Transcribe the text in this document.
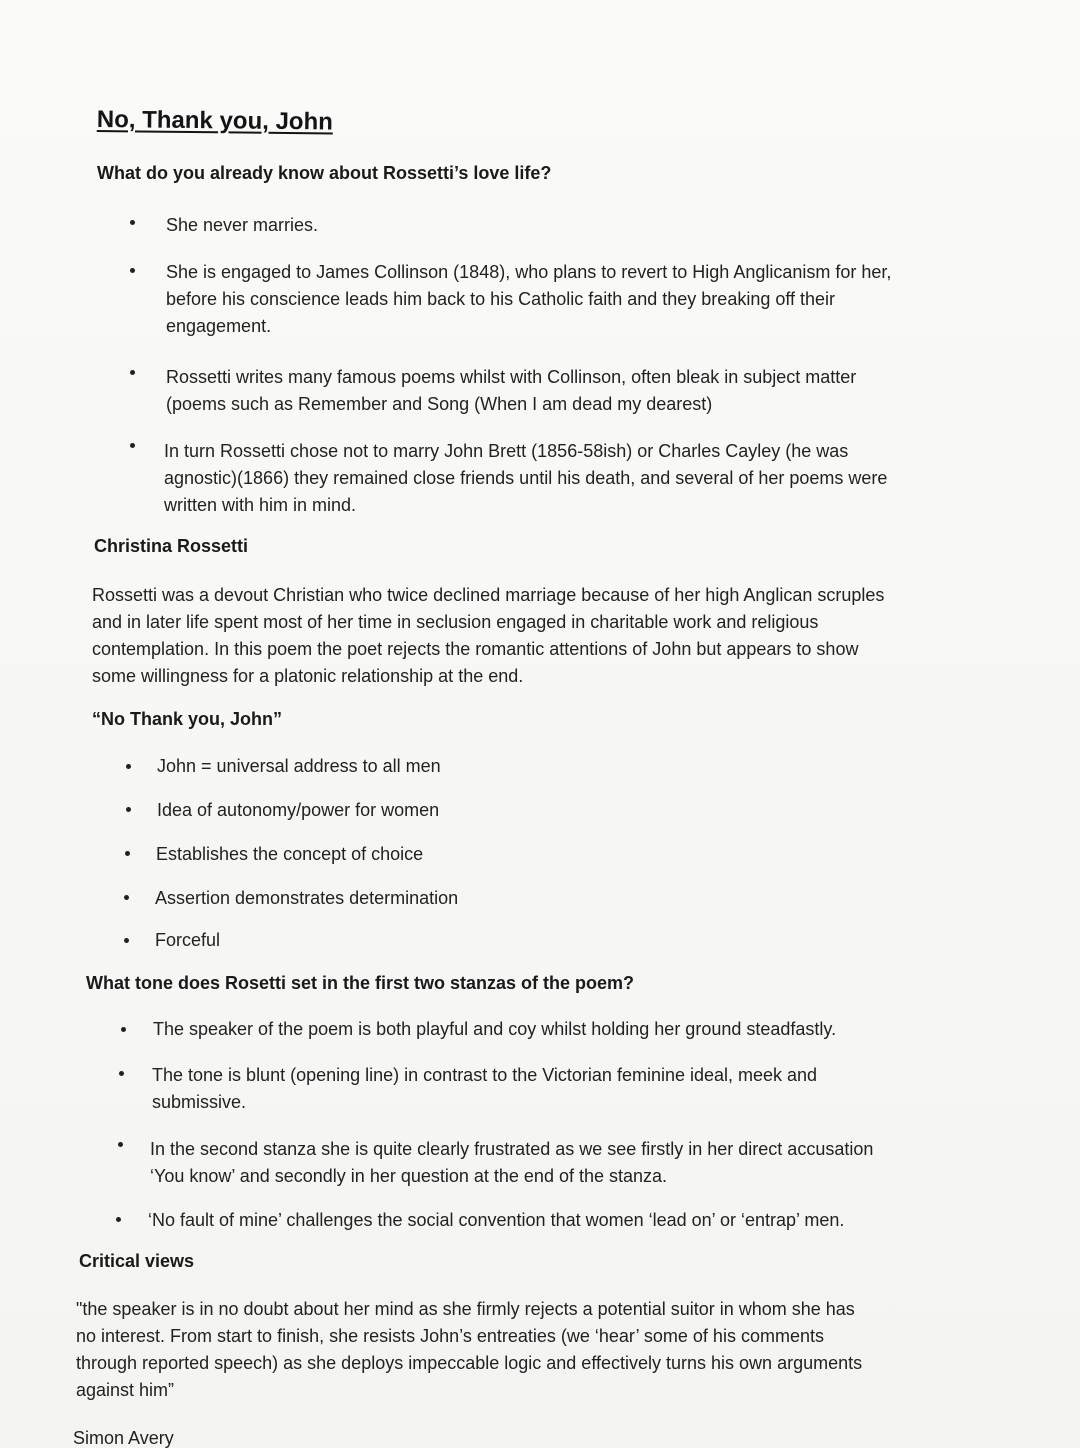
No, Thank you, John
What do you already know about Rossetti’s love life?
She never marries.
She is engaged to James Collinson (1848), who plans to revert to High Anglicanism for her,
before his conscience leads him back to his Catholic faith and they breaking off their
engagement.
Rossetti writes many famous poems whilst with Collinson, often bleak in subject matter
(poems such as Remember and Song (When I am dead my dearest)
In turn Rossetti chose not to marry John Brett (1856-58ish) or Charles Cayley (he was
agnostic)(1866) they remained close friends until his death, and several of her poems were
written with him in mind.
Christina Rossetti
Rossetti was a devout Christian who twice declined marriage because of her high Anglican scruples
and in later life spent most of her time in seclusion engaged in charitable work and religious
contemplation. In this poem the poet rejects the romantic attentions of John but appears to show
some willingness for a platonic relationship at the end.
“No Thank you, John”
John = universal address to all men
Idea of autonomy/power for women
Establishes the concept of choice
Assertion demonstrates determination
Forceful
What tone does Rosetti set in the first two stanzas of the poem?
The speaker of the poem is both playful and coy whilst holding her ground steadfastly.
The tone is blunt (opening line) in contrast to the Victorian feminine ideal, meek and
submissive.
In the second stanza she is quite clearly frustrated as we see firstly in her direct accusation
‘You know’ and secondly in her question at the end of the stanza.
‘No fault of mine’ challenges the social convention that women ‘lead on’ or ‘entrap’ men.
Critical views
"the speaker is in no doubt about her mind as she firmly rejects a potential suitor in whom she has
no interest. From start to finish, she resists John’s entreaties (we ‘hear’ some of his comments
through reported speech) as she deploys impeccable logic and effectively turns his own arguments
against him”
Simon Avery
